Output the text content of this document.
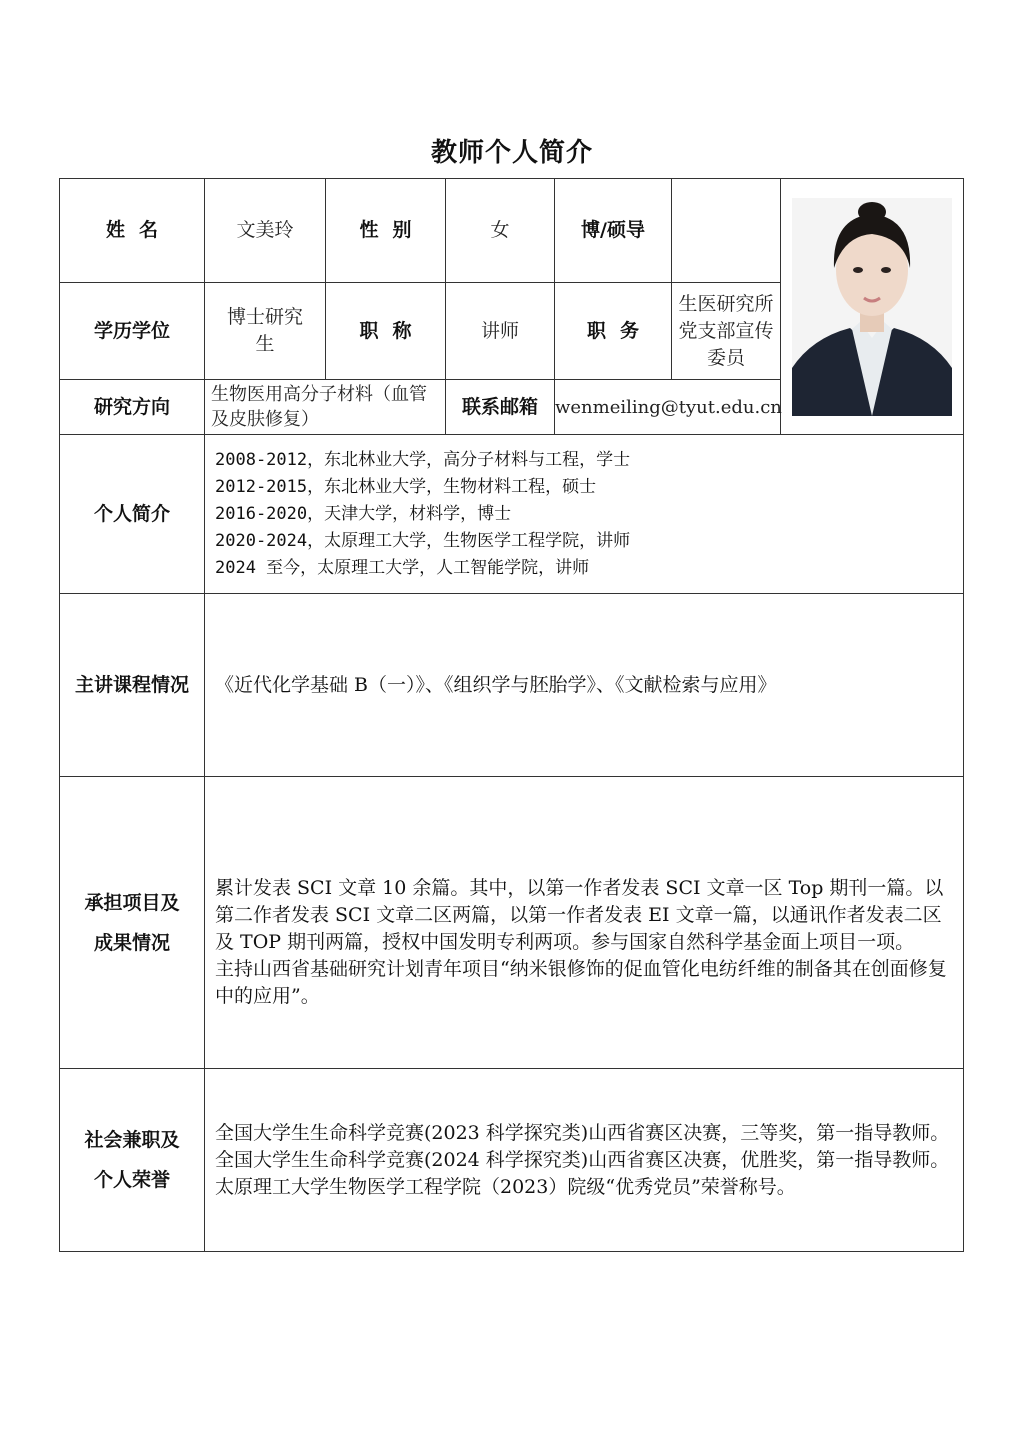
教师个人简介
姓名	文美玲	性别	女	博/硕导		

学历学位	博士研究生	职称	讲师	职务	生医研究所党支部宣传委员	

研究方向	生物医用高分子材料（血管及皮肤修复）		联系邮箱	wenmeiling@tyut.edu.cn		
个人简介	2008-2012，东北林业大学，高分子材料与工程，学士
2012-2015，东北林业大学，生物材料工程，硕士
2016-2020，天津大学，材料学，博士
2020-2024，太原理工大学，生物医学工程学院，讲师
2024 至今，太原理工大学，人工智能学院，讲师					

主讲课程情况	《近代化学基础 B（一）》、《组织学与胚胎学》、《文献检索与应用》					

承担项目及
成果情况	累计发表 SCI 文章 10 余篇。其中，以第一作者发表 SCI 文章一区 Top 期刊一篇。以第二作者发表 SCI 文章二区两篇，以第一作者发表 EI 文章一篇，以通讯作者发表二区及 TOP 期刊两篇，授权中国发明专利两项。参与国家自然科学基金面上项目一项。
主持山西省基础研究计划青年项目“纳米银修饰的促血管化电纺纤维的制备其在创面修复中的应用”。					

社会兼职及
个人荣誉	全国大学生生命科学竞赛(2023 科学探究类)山西省赛区决赛，三等奖，第一指导教师。
全国大学生生命科学竞赛(2024 科学探究类)山西省赛区决赛，优胜奖，第一指导教师。
太原理工大学生物医学工程学院（2023）院级“优秀党员”荣誉称号。					
